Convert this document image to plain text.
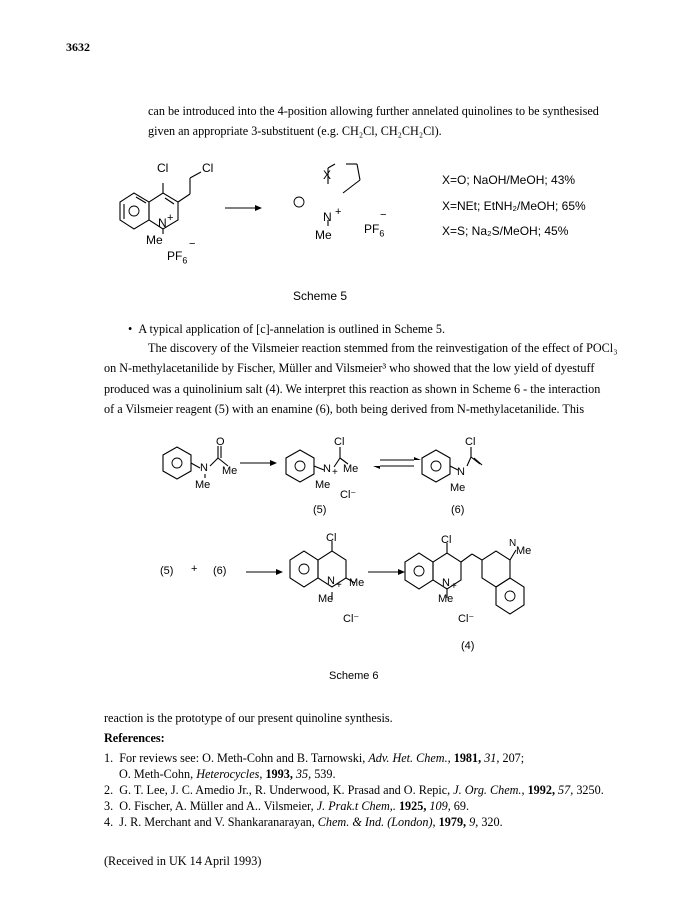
3632
can be introduced into the 4-position allowing further annelated quinolines to be synthesised
given an appropriate 3-substituent (e.g. CH₂Cl, CH₂CH₂Cl).
Cl	Cl
N +
Me
$PF_6$
−
X
N +
Me	$PF_6$
−
X=O; NaOH/MeOH; 43%
X=NEt; EtNH₂/MeOH; 65%
X=S; Na₂S/MeOH; 45%
Scheme 5
•  A typical application of [c]-annelation is outlined in Scheme 5.
The discovery of the Vilsmeier reaction stemmed from the reinvestigation of the effect of POCl₃
on N-methylacetanilide by Fischer, Müller and Vilsmeier³ who showed that the low yield of dyestuff
produced was a quinolinium salt (4). We interpret this reaction as shown in Scheme 6 - the interaction
of a Vilsmeier reagent (5) with an enamine (6), both being derived from N-methylacetanilide. This
O
N Me
Me
Cl
N + Me
Me
Cl⁻
(5)
Cl
N
Me
(6)
(5) + (6)
Cl
N + Me
Me
Cl⁻
Cl
N +
Me
N
Me
Cl⁻
(4)
Scheme 6
reaction is the prototype of our present quinoline synthesis.
References:
1. For reviews see: O. Meth-Cohn and B. Tarnowski, Adv. Het. Chem., 1981, 31, 207;
O. Meth-Cohn, Heterocycles, 1993, 35, 539.
2. G. T. Lee, J. C. Amedio Jr., R. Underwood, K. Prasad and O. Repic, J. Org. Chem., 1992, 57, 3250.
3. O. Fischer, A. Müller and A.. Vilsmeier, J. Prak.t Chem,. 1925, 109, 69.
4. J. R. Merchant and V. Shankaranarayan, Chem. & Ind. (London), 1979, 9, 320.
(Received in UK 14 April 1993)
